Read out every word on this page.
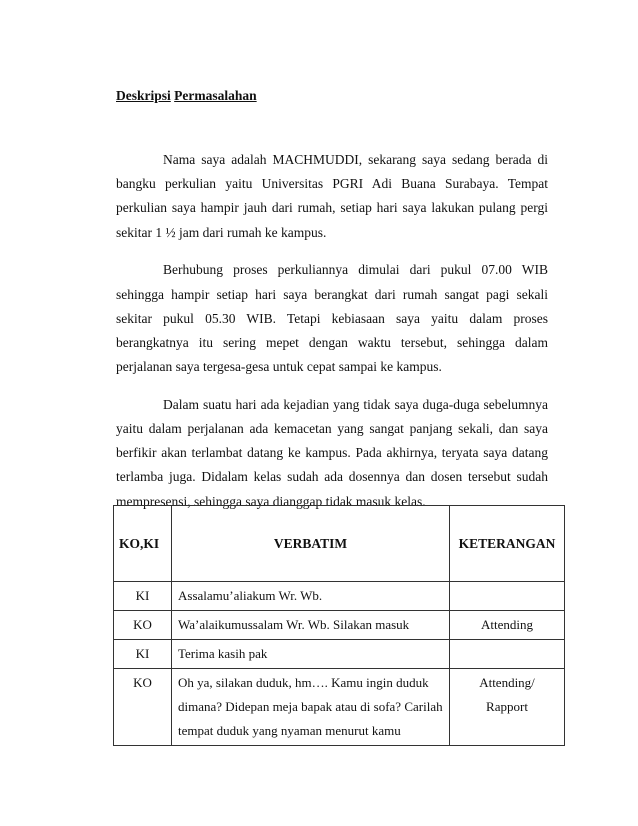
Deskripsi Permasalahan

Nama saya adalah MACHMUDDI, sekarang saya sedang berada di bangku perkulian yaitu Universitas PGRI Adi Buana Surabaya. Tempat perkulian saya hampir jauh dari rumah, setiap hari saya lakukan pulang pergi sekitar 1 ½ jam dari rumah ke kampus.

Berhubung proses perkuliannya dimulai dari pukul 07.00 WIB sehingga hampir setiap hari saya berangkat dari rumah sangat pagi sekali sekitar pukul 05.30 WIB. Tetapi kebiasaan saya yaitu dalam proses berangkatnya itu sering mepet dengan waktu tersebut, sehingga dalam perjalanan saya tergesa-gesa untuk cepat sampai ke kampus.

Dalam suatu hari ada kejadian yang tidak saya duga-duga sebelumnya yaitu dalam perjalanan ada kemacetan yang sangat panjang sekali, dan saya berfikir akan terlambat datang ke kampus. Pada akhirnya, teryata saya datang terlamba juga. Didalam kelas sudah ada dosennya dan dosen tersebut sudah mempresensi, sehingga saya dianggap tidak masuk kelas.

KO,KI	VERBATIM	KETERANGAN
KI	Assalamu’aliakum Wr. Wb.	
KO	Wa’alaikumussalam Wr. Wb. Silakan masuk	Attending
KI	Terima kasih pak	
KO	Oh ya, silakan duduk, hm…. Kamu ingin duduk dimana? Didepan meja bapak atau di sofa? Carilah tempat duduk yang nyaman menurut kamu	Attending/
Rapport
